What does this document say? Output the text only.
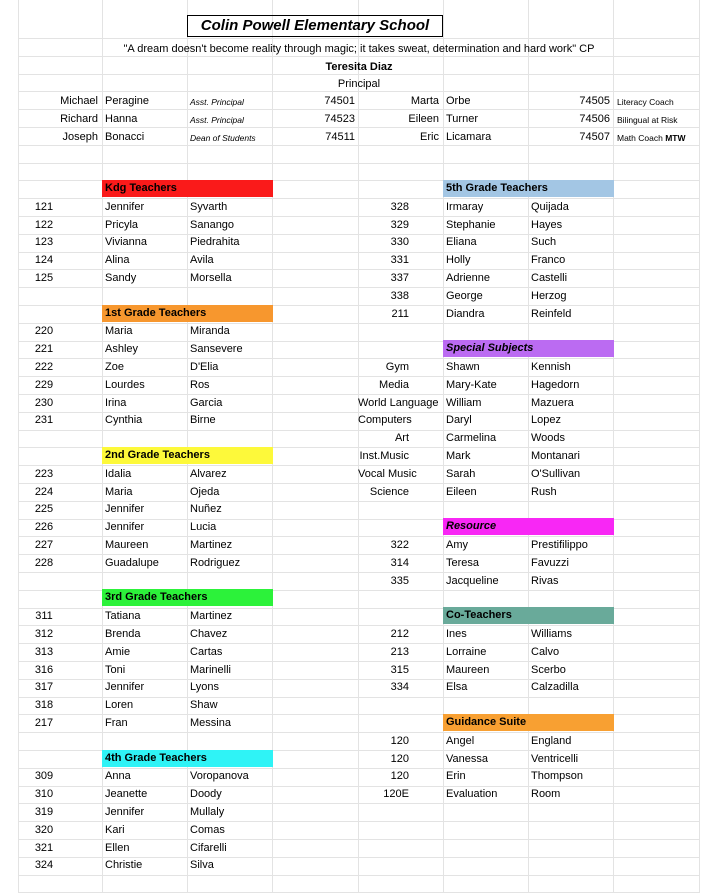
Colin Powell Elementary School
"A dream doesn't become reality through magic; it takes sweat, determination and hard work" CP
Teresita Diaz
Principal
Michael Peragine	Asst. Principal	74501	Marta Orbe	74505 Literacy Coach
Richard Hanna	Asst. Principal	74523	Eileen Turner	74506 Bilingual at Risk
Joseph Bonacci	Dean of Students	74511	Eric Licamara	74507 Math Coach MTW
Kdg Teachers
121	Jennifer	Syvarth
122	Pricyla	Sanango
123	Vivianna	Piedrahita
124	Alina	Avila
125	Sandy	Morsella
1st Grade Teachers
220	Maria	Miranda
221	Ashley	Sansevere
222	Zoe	D'Elia
229	Lourdes	Ros
230	Irina	Garcia
231	Cynthia	Birne
2nd Grade Teachers
223	Idalia	Alvarez
224	Maria	Ojeda
225	Jennifer	Nuñez
226	Jennifer	Lucia
227	Maureen	Martinez
228	Guadalupe	Rodriguez
3rd Grade Teachers
311	Tatiana	Martinez
312	Brenda	Chavez
313	Amie	Cartas
316	Toni	Marinelli
317	Jennifer	Lyons
318	Loren	Shaw
217	Fran	Messina
4th Grade Teachers
309	Anna	Voropanova
310	Jeanette	Doody
319	Jennifer	Mullaly
320	Kari	Comas
321	Ellen	Cifarelli
324	Christie	Silva
5th Grade Teachers
328	Irmaray	Quijada
329	Stephanie	Hayes
330	Eliana	Such
331	Holly	Franco
337	Adrienne	Castelli
338	George	Herzog
211	Diandra	Reinfeld
Special Subjects
Gym	Shawn	Kennish
Media	Mary-Kate	Hagedorn
World Language William	Mazuera
Computers	Daryl	Lopez
Art	Carmelina	Woods
Inst.Music	Mark	Montanari
Vocal Music	Sarah	O'Sullivan
Science	Eileen	Rush
Resource
322	Amy	Prestifilippo
314	Teresa	Favuzzi
335	Jacqueline	Rivas
Co-Teachers
212	Ines	Williams
213	Lorraine	Calvo
315	Maureen	Scerbo
334	Elsa	Calzadilla
Guidance Suite
120	Angel	England
120	Vanessa	Ventricelli
120	Erin	Thompson
120E	Evaluation	Room
